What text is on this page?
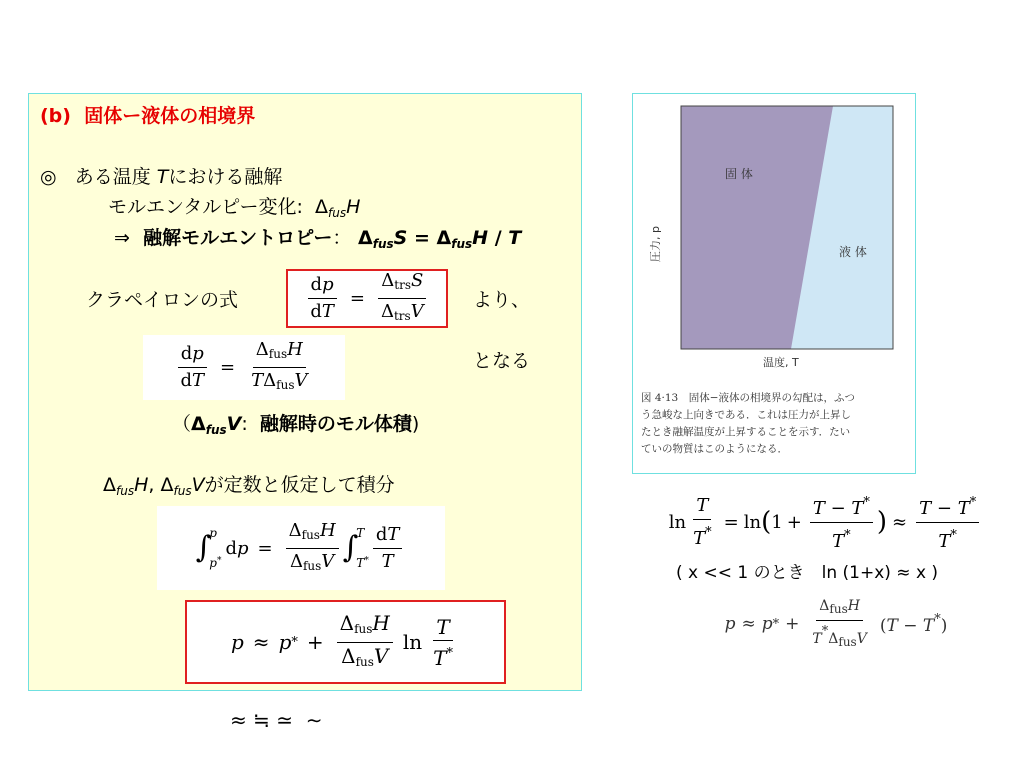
(b) 固体ー液体の相境界
◎ ある温度 Tにおける融解
モルエンタルピー変化: $\Delta_{fus}H$
⇒ 融解モルエントロピー： $\Delta_{fus}S = \Delta_{fus}H / T$
クラペイロンの式	$\frac{dp}{dT} = \frac{\text{ΔtrsS}}{\text{ΔtrsV}}$ より、
$\frac{dp}{dT} = \frac{\text{ΔfusH}}{\text{TΔfusV}}$	となる
（$\Delta_{fus}V$: 融解時のモル体積)
$\Delta_{fus}H$, $\Delta_{fus}V$が定数と仮定して積分
∫
p
p*
dp = $\frac{\text{ΔfusH}}{\text{ΔfusV}}$ ∫
T
$T^* \frac{dT}{T}$
p ≈ p * + $\frac{\text{ΔfusH}}{\text{ΔfusV}}$ $\ln \frac{T}{T^*}$
固 体
液 体
圧力, p
温度, T
図 4·13　固体−液体の相境界の勾配は，ふつ
う急峻な上向きである．これは圧力が上昇し
たとき融解温度が上昇することを示す．たい
ていの物質はこのようになる．
$\ln \frac{T}{T^*} = \ln$ ( $1 + \frac{T - T^*}{T^*}$ ) ≈ $\frac{T - T^*}{T^*}$
( x << 1 のとき　ln (1+x) ≈ x )
p ≈ p * + $\frac{\text{ΔfusH}}{\text{T*ΔfusV}} (T - T^*)$
≈ ≒ ≃  ∼
